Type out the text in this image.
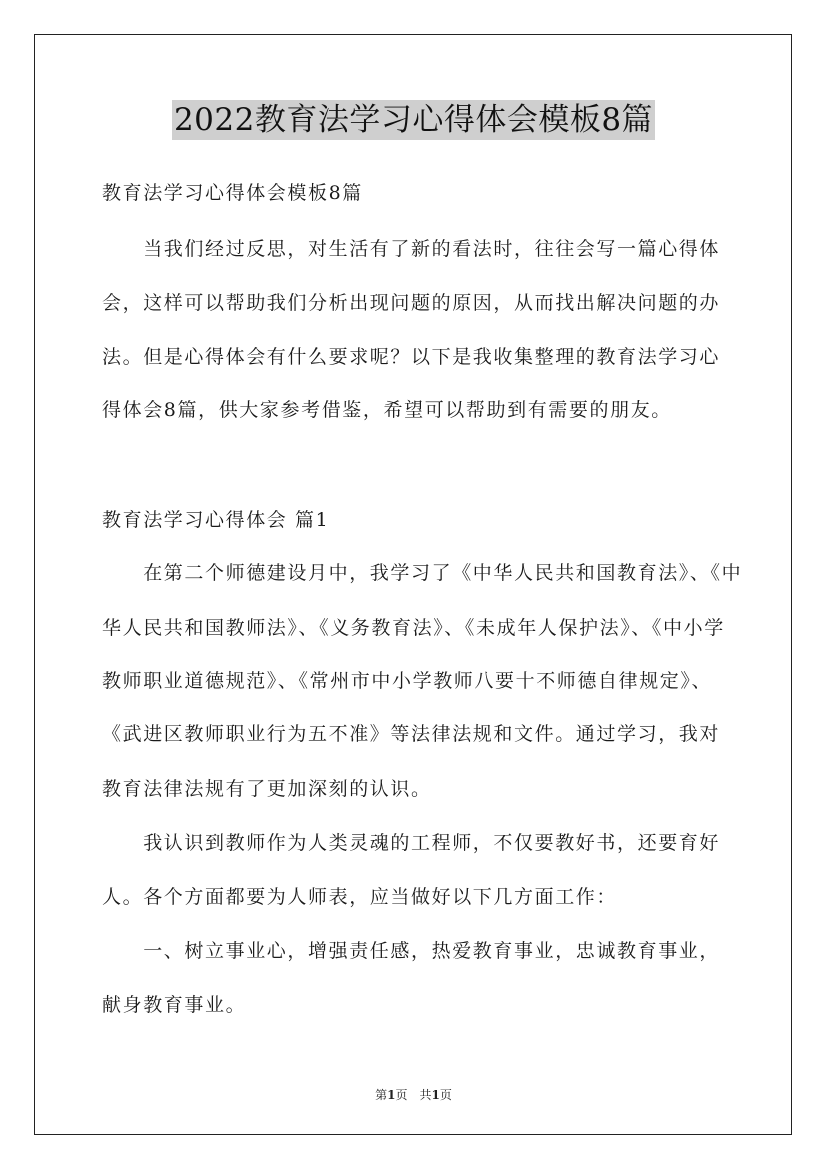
2022教育法学习心得体会模板8篇
教育法学习心得体会模板8篇
　　当我们经过反思，对生活有了新的看法时，往往会写一篇心得体
会，这样可以帮助我们分析出现问题的原因，从而找出解决问题的办
法。但是心得体会有什么要求呢？以下是我收集整理的教育法学习心
得体会8篇，供大家参考借鉴，希望可以帮助到有需要的朋友。
教育法学习心得体会 篇1
　　在第二个师德建设月中，我学习了《中华人民共和国教育法》、《中
华人民共和国教师法》、《义务教育法》、《未成年人保护法》、《中小学
教师职业道德规范》、《常州市中小学教师八要十不师德自律规定》、
《武进区教师职业行为五不准》等法律法规和文件。通过学习，我对
教育法律法规有了更加深刻的认识。
　　我认识到教师作为人类灵魂的工程师，不仅要教好书，还要育好
人。各个方面都要为人师表，应当做好以下几方面工作：
　　一、树立事业心，增强责任感，热爱教育事业，忠诚教育事业，
献身教育事业。
第1页　共1页
